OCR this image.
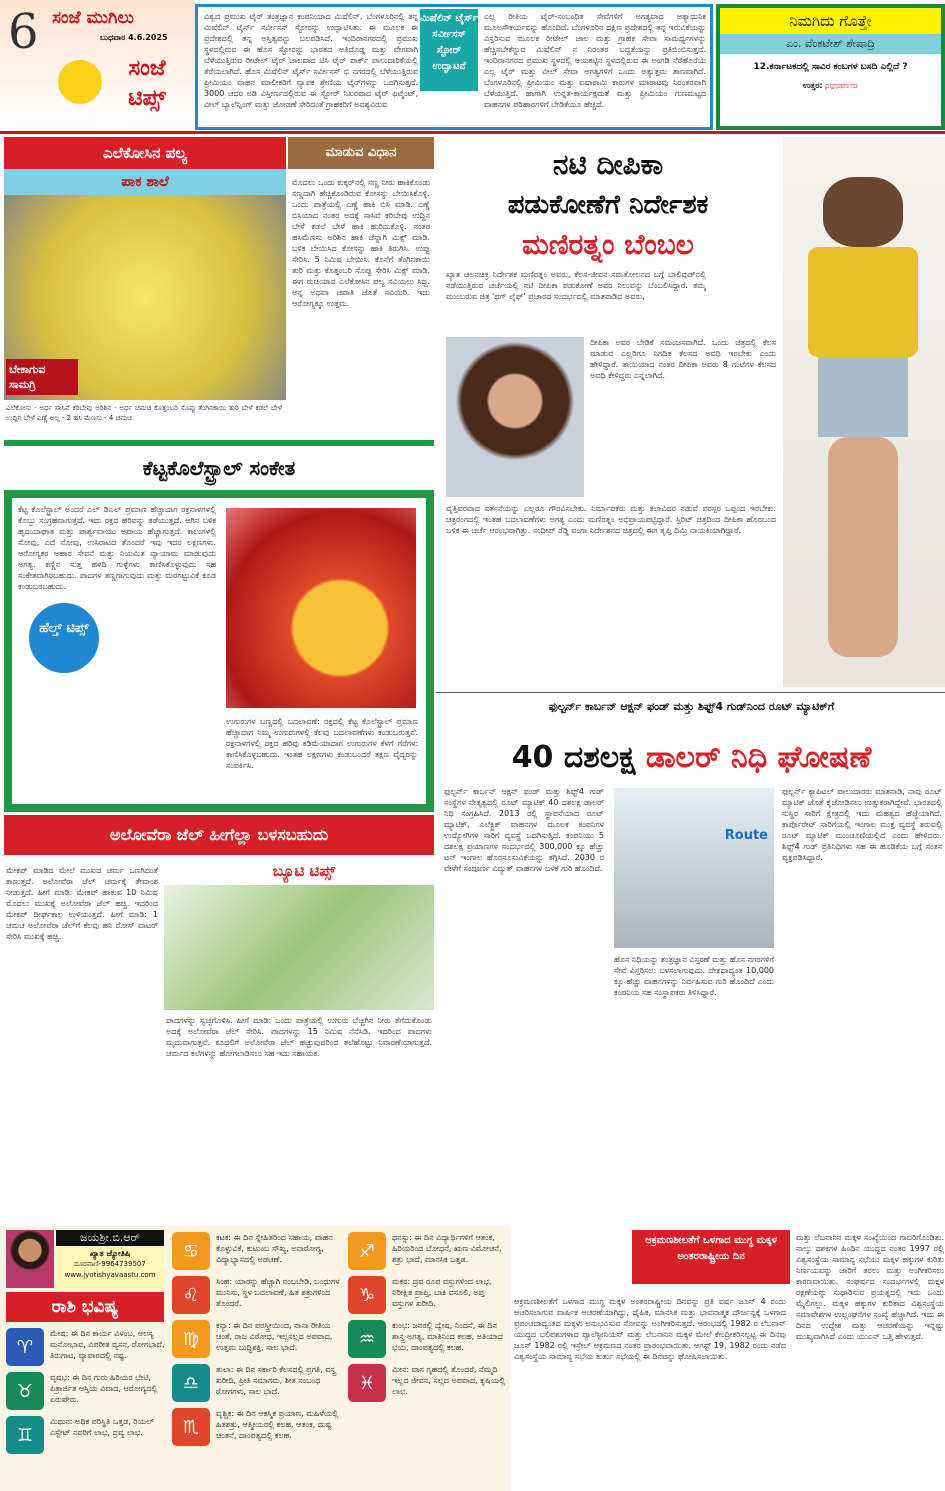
6 ಸಂಜೆ ಮುಗಿಲು
ಬುಧವಾರ 4.6.2025
ಸಂಜೆ ಟಿಪ್ಸ್
ವಿಶ್ವದ ಪ್ರಮುಖ ಟೈರ್ ತಂತ್ರಜ್ಞಾನ ಕಂಪನಿಯಾದ ಮಿಷೆಲಿನ್, ಬೆಂಗಳೂರಿನಲ್ಲಿ ತನ್ನ ಮಿಷೆಲಿನ್ ಟೈರ್ಸ್ ಸರ್ವೀಸಸ್ ಸ್ಟೋರನ್ನು ಉದ್ಘಾಟಿಸಿತು. ಈ ಮೂಲಕ ಈ ಪ್ರದೇಶದಲ್ಲಿ ತನ್ನ ಅಸ್ತಿತ್ವವನ್ನು ಬಲಪಡಿಸಿದೆ. ಇಂದಿರಾನಗರದಲ್ಲಿ ಪ್ರಮುಖ ಸ್ಥಳದಲ್ಲಿರುವ ಈ ಹೊಸ ಸ್ಟೋರನ್ನು ಭಾರತದ ಅತಿದೊಡ್ಡ ಮತ್ತು ವೇಗವಾಗಿ ಬೆಳೆಯುತ್ತಿರುವ ರೀಟೇಲ್ ಟೈರ್ ಜಾಲವಾದ ಟಿಸಿ ಟೈರ್ ಪಾರ್ಕ್ ಪಾಲುದಾರಿಕೆಯಲ್ಲಿ ತೆರೆಯಲಾಗಿದೆ. ಹೊಸ ಮಿಷೆಲಿನ್ ಟೈರ್ಸ್ ಸರ್ವೀಸಸ್ ಭಿ ನಗರದಲ್ಲಿ ಬೆಳೆಯುತ್ತಿರುವ ಪ್ರೀಮಿಯಂ ವಾಹನ ಮಾಲೀಕರಿಗೆ ವ್ಯಾಪಕ ಶ್ರೇಣಿಯ ಟೈರ್‌ಗಳನ್ನು ಒದಗಿಸುತ್ತದೆ. 3000 ಚದರ ಅಡಿ ವಿಸ್ತೀರ್ಣದಲ್ಲಿರುವ ಈ ಸ್ಟೋರ್ ನಿಖರವಾದ ಟೈರ್ ಫಿಟ್ಮೆಂಟ್, ವೀಲ್ ಬ್ಯಾಲೆನ್ಸಿಂಗ್ ಮತ್ತು ಜೋಡಣೆ ಸೇರಿದಂತೆ ಗ್ರಾಹಕರಿಗೆ ಅವಶ್ಯವಿರುವ
ಮಿಷೆಲಿನ್ ಟೈರ್ಸ್ ಸರ್ವೀಸಸ್ ಸ್ಟೋರ್ ಉದ್ಘಾಟನೆ
ಎಲ್ಲ ರೀತಿಯ ಟೈರ್-ಸಂಬಂಧಿತ ಸೇವೆಗಳಿಗೆ ಅಗತ್ಯವಾದ ಅತ್ಯಾಧುನಿಕ ಮೂಲಸೌಕರ್ಯವನ್ನು ಹೊಂದಿದೆ. ಬೆಂಗಳೂರಿನ ದಕ್ಷಿಣ ಪ್ರದೇಶದಲ್ಲಿ ತನ್ನ ಇರುವಿಕೆಯನ್ನು ವಿಸ್ತರಿಸುವ ಮೂಲಕ ರೀಟೇಲ್ ಜಾಲ ಮತ್ತು ಗ್ರಾಹಕ ಸೇವಾ ಸಾಮರ್ಥ್ಯಗಳನ್ನು ಹೆಚ್ಚಿಸಬೇಕೆನ್ನುವ ಮಿಷೆಲಿನ್ ನ ನಿರಂತರ ಬದ್ಧತೆಯನ್ನು ಪ್ರತಿಬಿಂಬಿಸುತ್ತದೆ. ಇಂದಿರಾನಗರದ ಪ್ರಮುಖ ಸ್ಥಳದಲ್ಲಿ ಆಯಕಟ್ಟಿನ ಸ್ಥಳದಲ್ಲಿರುವ ಈ ಅಂಗಡಿ ನೆರೆಹೊರೆಯ ಎಲ್ಲ ಟೈರ್ ಮತ್ತು ವೀಲ್ ಸೇವಾ ಅಗತ್ಯಗಳಿಗೆ ಒಂದು ಅತ್ಯುತ್ತಮ ತಾಣವಾಗಿದೆ. ಬೆಂಗಳೂರಿನಲ್ಲಿ ಪ್ರೀಮಿಯಂ ಮತ್ತು ಐಷಾರಾಮಿ ಕಾರುಗಳ ಮಾರಾಟವು ನಿರಂತರವಾಗಿ ಬೆಳೆಯುತ್ತಿದೆ. ಹಾಗಾಗಿ ಉನ್ನತ-ಕಾರ್ಯಕ್ಷಮತೆ ಮತ್ತು ಪ್ರೀಮಿಯಂ ಗುಣಮಟ್ಟದ ವಾಹನಗಳ ಪರಿಹಾರಗಳಿಗೆ ಬೇಡಿಕೆಯೂ ಹೆಚ್ಚಿದೆ.
ನಿಮಗಿದು ಗೊತ್ತೇ
ಎಂ. ವೆಂಕಟೇಶ್ ಶೇಷಾದ್ರಿ
12.ಕರ್ನಾಟಕದಲ್ಲಿ ಸಾವಿರ ಕಂಬಗಳ ಬಸದಿ ಎಲ್ಲಿದೆ ?
ಉತ್ತರ: ಮೂಡಬಿದಿರೆ
ಎಲೆಕೋಸಿನ ಪಲ್ಯ	ಮಾಡುವ ವಿಧಾನ
ಪಾಕ ಶಾಲೆ
ಬೇಕಾಗುವ ಸಾಮಗ್ರಿ
ಎಲೆಕೋಸು - ಅರ್ಧ ಸಾಸಿವೆ ಕರಿಬೇವು ಅರಿಶಿನ - ಅರ್ಧ ಚಮಚ ಕೊತ್ತಂಬರಿ ಸೊಪ್ಪು ತೆಂಗಿನಕಾಯಿ ತುರಿ ಬೇಳೆ ಕಡಲೆ ಬೇಳೆ ಉದ್ದಿನ ಬೇಳೆ ಎಣ್ಣೆ ಅಲ್ಪ - 2 ಹಸಿ ಮೆಣಸು - 4 ಚಮಚ
ಮೊದಲು ಒಂದು ಕುಕ್ಕರ್‌ನಲ್ಲಿ ಸಣ್ಣ ನೀರು ಹಾಕಿಕೊಂಡು ಸಣ್ಣದಾಗಿ ಹೆಚ್ಚಿಕೊಂಡಿರುವ ಕೋಸನ್ನು ಬೇಯಿಸಿಕೊಳ್ಳಿ. ಒಂದು ಪಾತ್ರೆಯಲ್ಲಿ ಎಣ್ಣೆ ಹಾಕಿ ಬಿಸಿ ಮಾಡಿ. ಎಣ್ಣೆ ಬಿಸಿಯಾದ ನಂತರ ಅದಕ್ಕೆ ಸಾಸಿವೆ ಕರಿಬೇವು ಉದ್ದಿನ ಬೇಳೆ ಕಡಲೆ ಬೇಳೆ ಹಾಕಿ ಹುರಿದುಕೊಳ್ಳಿ. ನಂತರ ಹಸಿಮೆಣಸು ಅರಿಶಿನ ಹಾಕಿ ಚೆನ್ನಾಗಿ ಮಿಕ್ಸ್ ಮಾಡಿ. ಬಳಿಕ ಬೇಯಿಸಿದ ಕೋಸನ್ನು ಹಾಕಿ ತಿರುಗಿಸಿ. ಉಪ್ಪು ಸೇರಿಸಿ. 5 ನಿಮಿಷ ಬೇಯಿಸಿ. ಕೊನೆಗೆ ತೆಂಗಿನಕಾಯಿ ತುರಿ ಮತ್ತು ಕೊತ್ತಂಬರಿ ಸೊಪ್ಪು ಸೇರಿಸಿ ಮಿಕ್ಸ್ ಮಾಡಿ. ಈಗ ರುಚಿಯಾದ ಎಲೆಕೋಸಿನ ಪಲ್ಯ ಸವಿಯಲು ಸಿದ್ಧ. ಅನ್ನ ಅಥವಾ ಚಪಾತಿ ಜೊತೆ ಸವಿಯಿರಿ. ಇದು ಆರೋಗ್ಯಕ್ಕೂ ಉತ್ತಮ.
ಕೆಟ್ಟಕೊಲೆಸ್ಟ್ರಾಲ್ ಸಂಕೇತ
ಹೆಲ್ತ್ ಟಿಪ್ಸ್
ಕೆಟ್ಟ ಕೊಲೆಸ್ಟ್ರಾಲ್ ಅಂದರೆ ಎಲ್ ಡಿಎಲ್ ಪ್ರಮಾಣ ಹೆಚ್ಚಾದಾಗ ರಕ್ತನಾಳಗಳಲ್ಲಿ ಕೊಬ್ಬು ಸಂಗ್ರಹವಾಗುತ್ತದೆ. ಇದು ರಕ್ತದ ಹರಿವನ್ನು ತಡೆಯುತ್ತದೆ. ಆಗಿನ ಬಳಿಕ ಹೃದಯಾಘಾತ ಮತ್ತು ಪಾರ್ಶ್ವವಾಯು ಅಪಾಯ ಹೆಚ್ಚಾಗುತ್ತದೆ. ಕಾಲುಗಳಲ್ಲಿ ನೋವು, ಎದೆ ನೋವು, ಉಸಿರಾಟದ ತೊಂದರೆ ಇವು ಇದರ ಲಕ್ಷಣಗಳು. ಆರೋಗ್ಯಕರ ಆಹಾರ ಸೇವನೆ ಮತ್ತು ನಿಯಮಿತ ವ್ಯಾಯಾಮ ಮಾಡುವುದು ಅಗತ್ಯ. ಕಣ್ಣಿನ ಸುತ್ತ ಹಳದಿ ಗುಳ್ಳೆಗಳು ಕಾಣಿಸಿಕೊಳ್ಳುವುದು ಸಹ ಸಂಕೇತವಾಗಿರಬಹುದು. ಪಾದಗಳ ತಣ್ಣಗಾಗುವುದು ಮತ್ತು ಮರಗಟ್ಟುವಿಕೆ ಕೂಡ ಕಂಡುಬರಬಹುದು.
ಉಗುರುಗಳ ಬಣ್ಣದಲ್ಲಿ ಬದಲಾವಣೆ: ರಕ್ತದಲ್ಲಿ ಕೆಟ್ಟ ಕೊಲೆಸ್ಟ್ರಾಲ್ ಪ್ರಮಾಣ ಹೆಚ್ಚಾದಾಗ ನಿಮ್ಮ ಉಗುರುಗಳಲ್ಲಿ ಕೆಲವು ಬದಲಾವಣೆಗಳು ಕಂಡುಬರುತ್ತವೆ. ರಕ್ತನಾಳಗಳಲ್ಲಿ ರಕ್ತದ ಹರಿವು ಕಡಿಮೆಯಾದಾಗ ಉಗುರುಗಳ ಕೆಳಗೆ ಗೆರೆಗಳು ಕಾಣಿಸಿಕೊಳ್ಳಬಹುದು. ಇಂತಹ ಲಕ್ಷಣಗಳು ಕಂಡುಬಂದರೆ ತಕ್ಷಣ ವೈದ್ಯರನ್ನು ಸಂಪರ್ಕಿಸಿ.
ಅಲೋವೆರಾ ಜೆಲ್ ಹೀಗೆಲ್ಲಾ ಬಳಸಬಹುದು
ಬ್ಯೂಟಿ ಟಿಪ್ಸ್
ಮೇಕಪ್ ಮಾಡಿದ ಮೇಲೆ ಮುಖದ ಚರ್ಮ ಒಣಗಿದಂತೆ ಕಾಣುತ್ತದೆ. ಅಲೋವೆರಾ ಜೆಲ್ ಚರ್ಮಕ್ಕೆ ತೇವಾಂಶ ನೀಡುತ್ತದೆ. ಹೀಗೆ ಮಾಡಿ: ಮೇಕಪ್ ಹಾಕುವ 10 ನಿಮಿಷ ಮೊದಲು ಮುಖಕ್ಕೆ ಅಲೋವೆರಾ ಜೆಲ್ ಹಚ್ಚಿ. ಇದರಿಂದ ಮೇಕಪ್ ದೀರ್ಘಕಾಲ ಉಳಿಯುತ್ತದೆ. ಹೀಗೆ ಮಾಡಿ: 1 ಚಮಚ ಅಲೋವೆರಾ ಜೆಲ್‌ಗೆ ಕೆಲವು ಹನಿ ರೋಸ್ ವಾಟರ್ ಸೇರಿಸಿ ಮುಖಕ್ಕೆ ಹಚ್ಚಿ.
ಪಾದಗಳನ್ನು ಸ್ವಚ್ಛಗೊಳಿಸಿ. ಹೀಗೆ ಮಾಡಿ: ಒಂದು ಪಾತ್ರೆಯಲ್ಲಿ ಉಗುರು ಬೆಚ್ಚಗಿನ ನೀರು ತೆಗೆದುಕೊಂಡು ಅದಕ್ಕೆ ಅಲೋವೆರಾ ಜೆಲ್ ಸೇರಿಸಿ. ಪಾದಗಳನ್ನು 15 ನಿಮಿಷ ನೆನೆಸಿಡಿ. ಇದರಿಂದ ಪಾದಗಳು ಮೃದುವಾಗುತ್ತವೆ. ಕೂದಲಿಗೆ ಅಲೋವೆರಾ ಜೆಲ್ ಹಚ್ಚುವುದರಿಂದ ತಲೆಹೊಟ್ಟು ನಿವಾರಣೆಯಾಗುತ್ತದೆ. ಚರ್ಮದ ಕಲೆಗಳನ್ನು ಹೋಗಲಾಡಿಸಲು ಸಹ ಇದು ಸಹಾಯಕ.
ನಟಿ ದೀಪಿಕಾ
ಪಡುಕೋಣೆಗೆ ನಿರ್ದೇಶಕ
ಮಣಿರತ್ನಂ ಬೆಂಬಲ
ಖ್ಯಾತ ಚಲನಚಿತ್ರ ನಿರ್ದೇಶಕ ಮಣಿರತ್ನಂ ಅವರು, ಕೆಲಸ-ಜೀವನ ಸಮತೋಲನದ ಬಗ್ಗೆ ಬಾಲಿವುಡ್‌ನಲ್ಲಿ ನಡೆಯುತ್ತಿರುವ ಚರ್ಚೆಯಲ್ಲಿ ನಟಿ ದೀಪಿಕಾ ಪಡುಕೋಣೆ ಅವರ ನಿಲುವನ್ನು ಬೆಂಬಲಿಸಿದ್ದಾರೆ. ತಮ್ಮ ಮುಂಬರುವ ಚಿತ್ರ 'ಥಗ್ ಲೈಫ್' ಪ್ರಚಾರದ ಸಂದರ್ಭದಲ್ಲಿ ಮಾತನಾಡಿದ ಅವರು,
ದೀಪಿಕಾ ಅವರ ಬೇಡಿಕೆ ಸಮಂಜಸವಾಗಿದೆ. ಒಂದು ಚಿತ್ರದಲ್ಲಿ ಕೆಲಸ ಮಾಡುವ ಎಲ್ಲರಿಗೂ ನಿಗದಿತ ಕೆಲಸದ ಅವಧಿ ಇರಬೇಕು ಎಂದು ಹೇಳಿದ್ದಾರೆ. ತಾಯಿಯಾದ ನಂತರ ದೀಪಿಕಾ ಅವರು 8 ಗಂಟೆಗಳ ಕೆಲಸದ ಅವಧಿ ಕೇಳಿದ್ದರು ಎನ್ನಲಾಗಿದೆ.
ವೃತ್ತಿಪರವಾದ ವರ್ತನೆಯನ್ನು ಎಲ್ಲರೂ ಗೌರವಿಸಬೇಕು. ನಿರ್ಮಾಪಕರು ಮತ್ತು ಕಲಾವಿದರ ನಡುವೆ ಪರಸ್ಪರ ಒಪ್ಪಂದ ಇರಬೇಕು. ಚಿತ್ರರಂಗದಲ್ಲಿ ಇಂತಹ ಬದಲಾವಣೆಗಳು ಅಗತ್ಯ ಎಂದು ಮಣಿರತ್ನಂ ಅಭಿಪ್ರಾಯಪಟ್ಟಿದ್ದಾರೆ. ಸ್ಪಿರಿಟ್ ಚಿತ್ರದಿಂದ ದೀಪಿಕಾ ಹೊರಬಂದ ಬಳಿಕ ಈ ಚರ್ಚೆ ಆರಂಭವಾಗಿತ್ತು. ಸಂದೀಪ್ ರೆಡ್ಡಿ ವಂಗಾ ನಿರ್ದೇಶನದ ಚಿತ್ರದಲ್ಲಿ ಈಗ ತೃಪ್ತಿ ದಿಮ್ರಿ ನಾಯಕಿಯಾಗಿದ್ದಾರೆ.
ಫುಲ್ಟರ್ನ್ ಕಾರ್ಬನ್ ಆಕ್ಷನ್ ಫಂಡ್ ಮತ್ತು ಶಿಫ್ಟ್4 ಗುಡ್‌ನಿಂದ ರೂಟ್ ಮ್ಯಾಟಿಕ್‌ಗೆ
40 ದಶಲಕ್ಷ ಡಾಲರ್ ನಿಧಿ ಘೋಷಣೆ
ಫುಲ್ಟರ್ನ್ ಕಾರ್ಬನ್ ಆಕ್ಷನ್ ಫಂಡ್ ಮತ್ತು ಶಿಫ್ಟ್4 ಗುಡ್ ಸಂಸ್ಥೆಗಳ ನೇತೃತ್ವದಲ್ಲಿ ರೂಟ್ ಮ್ಯಾಟಿಕ್ 40 ದಶಲಕ್ಷ ಡಾಲರ್ ನಿಧಿ ಸಂಗ್ರಹಿಸಿದೆ. 2013 ರಲ್ಲಿ ಸ್ಥಾಪನೆಯಾದ ರೂಟ್ ಮ್ಯಾಟಿಕ್, ಎಲೆಕ್ಟ್ರಿಕ್ ವಾಹನಗಳ ಮೂಲಕ ಕಂಪನಿಗಳ ಉದ್ಯೋಗಿಗಳ ಸಾರಿಗೆ ವ್ಯವಸ್ಥೆ ಒದಗಿಸುತ್ತಿದೆ. ಕಂಪನಿಯು 5 ದಶಲಕ್ಷ ಪ್ರಯಾಣಗಳ ಸಂದರ್ಭದಲ್ಲಿ 300,000 ಕ್ಕೂ ಹೆಚ್ಚು ಟನ್ ಇಂಗಾಲ ಹೊರಸೂಸುವಿಕೆಯನ್ನು ತಗ್ಗಿಸಿದೆ. 2030 ರ ವೇಳೆಗೆ ಸಂಪೂರ್ಣ ವಿದ್ಯುತ್ ವಾಹನಗಳ ಬಳಕೆ ಗುರಿ ಹೊಂದಿದೆ.
Route
ಹೊಸ ನಿಧಿಯನ್ನು ತಂತ್ರಜ್ಞಾನ ವಿಸ್ತರಣೆ ಮತ್ತು ಹೊಸ ನಗರಗಳಿಗೆ ಸೇವೆ ವಿಸ್ತರಿಸಲು ಬಳಸಲಾಗುವುದು. ದೇಶದಾದ್ಯಂತ 10,000 ಕ್ಕೂ ಹೆಚ್ಚು ವಾಹನಗಳನ್ನು ನಿರ್ವಹಿಸುವ ಗುರಿ ಹೊಂದಿದೆ ಎಂದು ಕಂಪನಿಯ ಸಹ ಸಂಸ್ಥಾಪಕರು ತಿಳಿಸಿದ್ದಾರೆ.
ಫುಲ್ಟರ್ನ್ ಕ್ಯಾಪಿಟಲ್ ಪಾಲುದಾರರು ಮಾತನಾಡಿ, ನಾವು ರೂಟ್ ಮ್ಯಾಟಿಕ್ ಜೊತೆ ಕೈಜೋಡಿಸಲು ಉತ್ಸುಕರಾಗಿದ್ದೇವೆ. ಭಾರತದಲ್ಲಿ ಸುಸ್ಥಿರ ಸಾರಿಗೆ ಕ್ಷೇತ್ರದಲ್ಲಿ ಇದು ಮಹತ್ವದ ಹೆಜ್ಜೆಯಾಗಿದೆ. ಕಾರ್ಪೊರೇಟ್ ಸಾರಿಗೆಯಲ್ಲಿ ಇಂಗಾಲ ಮುಕ್ತ ವ್ಯವಸ್ಥೆ ತರುವಲ್ಲಿ ರೂಟ್ ಮ್ಯಾಟಿಕ್ ಮುಂಚೂಣಿಯಲ್ಲಿದೆ ಎಂದು ಹೇಳಿದರು. ಶಿಫ್ಟ್4 ಗುಡ್ ಪ್ರತಿನಿಧಿಗಳು ಸಹ ಈ ಹೂಡಿಕೆಯ ಬಗ್ಗೆ ಸಂತಸ ವ್ಯಕ್ತಪಡಿಸಿದ್ದಾರೆ.
ಜಯಶ್ರೀ.ಬಿ.ಆರ್
ಖ್ಯಾತ ಜ್ಯೋತಿಷಿ
ದೂರವಾಣಿ-9964739507
www.jyotishyavaastu.com
ರಾಶಿ ಭವಿಷ್ಯ
♈
ಮೇಷ: ಈ ದಿನ ಕಾರ್ಯ ವಿಳಂಬ, ಆಲಸ್ಯ ಮನೋಭಾವ, ವಿಪರೀತ ವ್ಯಸನ, ರೋಗಭಾದೆ, ತಿರುಗಾಟ, ವ್ಯಾಪಾರದಲ್ಲಿ ನಷ್ಟ.
♉
ವೃಷಭ: ಈ ದಿನ ಗುರು ಹಿರಿಯರ ಭೇಟಿ, ಪಿತ್ರಾರ್ಜಿತ ಆಸ್ತಿಯ ವಿವಾದ, ಆರೋಗ್ಯದಲ್ಲಿ ಏರುಪೇರು.
♊
ಮಿಥುನ: ಅಧಿಕ ಪರಿಸ್ಥಿತಿ ಒತ್ತಡ, ರಿಯಲ್ ಎಸ್ಟೇಟ್ ನವರಿಗೆ ಲಾಭ, ದ್ರವ್ಯ ಲಾಭ.
♋
ಕಟಕ: ಈ ದಿನ ಸ್ನೇಹಿತರಿಂದ ಸಹಾಯ, ವಾಹನ ಕೊಳ್ಳುವಿಕೆ, ಕುಟುಂಬ ಸೌಖ್ಯ, ಅನಾರೋಗ್ಯ, ವಿದ್ಯಾಭ್ಯಾಸದಲ್ಲಿ ಅಡಚಣೆ.
♌
ಸಿಂಹ: ಯಾರನ್ನು ಹೆಚ್ಚಾಗಿ ನಂಬಬೇಡಿ, ಬಂಧುಗಳ ಮುನಿಸು, ಸ್ಥಳ ಬದಲಾವಣೆ, ಹಿತ ಶತ್ರುಗಳಿಂದ ತೊಂದರೆ.
♍
ಕನ್ಯಾ: ಈ ದಿನ ಪರಸ್ತ್ರೀಯಿಂದ, ನಾನಾ ರೀತಿಯ ಚಿಂತೆ, ರಾಜ ವಿರೋಧ, ಇಲ್ಲಸಲ್ಲದ ಅಪವಾದ, ಉತ್ತಮ ಬುದ್ಧಿಶಕ್ತಿ, ಸಾಲ ಭಾದೆ.
♎
ತುಲಾ: ಈ ದಿನ ಸರ್ಕಾರಿ ಕೆಲಸದಲ್ಲಿ ಪ್ರಗತಿ, ವಸ್ತ್ರ ಖರೀದಿ, ಪ್ರೀತಿ ಸಮಾಗಮ, ಶೀತ ಸಂಬಂಧ ರೋಗಗಳು, ಸಾಲ ಭಾದೆ.
♏
ವೃಶ್ಚಿಕ: ಈ ದಿನ ಆಕಸ್ಮಿಕ ಪ್ರಯಾಣ, ಮಹಿಳೆಯಲ್ಲಿ ಹಿತಶತ್ರು, ಆತ್ಮೀಯರಲ್ಲಿ ಕಲಹ, ಆತಂಕ, ದುಷ್ಟ ಚಿಂತನೆ, ದಾಂಪತ್ಯದಲ್ಲಿ ಕಲಹ.
♐
ಧನಸ್ಸು: ಈ ದಿನ ವಿದ್ಯಾರ್ಥಿಗಳಿಗೆ ಆತಂಕ, ಹಿರಿಯರಿಂದ ಬೋಧನೆ, ಋಣ ವಿಮೋಚನೆ, ಶತ್ರು ಭಾದೆ, ಮಾನಸಿಕ ಒತ್ತಡ.
♑
ಮಕರ: ದ್ರವ ರೂಪ ವಸ್ತುಗಳಿಂದ ಲಾಭ, ನಿರೀಕ್ಷಿತ ಪ್ರಾಪ್ತಿ, ಬಾಕಿ ವಸೂಲಿ, ಅಪ್ತ ವಸ್ತುಗಳ ಖರೀದಿ.
♒
ಕುಂಭ: ಜನರಲ್ಲಿ ದ್ವೇಷ, ನಿಂದನೆ, ಈ ದಿನ ಶಾಸ್ತ್ರ ಅಗತ್ಯ, ಮಾತಿನಿಂದ ಕಲಹ, ಅತಿಯಾದ ಭಯ, ದಾಂಪತ್ಯದಲ್ಲಿ ಕಲಹ.
♓
ಮೀನ: ವಾಸ ಗೃಹದಲ್ಲಿ ತೊಂದರೆ, ನೆಮ್ಮದಿ ಇಲ್ಲದ ಜೀವನ, ಸಲ್ಲದ ಅಪವಾದ, ಕೃಷಿಯಲ್ಲಿ ಲಾಭ.
ಆಕ್ರಮಣಶೀಲತೆಗೆ ಒಳಗಾದ ಮುಗ್ಧ ಮಕ್ಕಳ ಅಂತರರಾಷ್ಟ್ರೀಯ ದಿನ
ಆಕ್ರಮಣಶೀಲತೆಗೆ ಒಳಗಾದ ಮುಗ್ಧ ಮಕ್ಕಳ ಅಂತರರಾಷ್ಟ್ರೀಯ ದಿನವನ್ನು ಪ್ರತಿ ವರ್ಷ ಜೂನ್ 4 ರಂದು ಆಚರಿಸಲಾಗುವ ವಾರ್ಷಿಕ ಆಚರಣೆಯಾಗಿದ್ದು, ದೈಹಿಕ, ಮಾನಸಿಕ ಮತ್ತು ಭಾವನಾತ್ಮಕ ದೌರ್ಜನ್ಯಕ್ಕೆ ಒಳಗಾದ ಪ್ರಪಂಚದಾದ್ಯಂತದ ಮಕ್ಕಳು ಅನುಭವಿಸುವ ನೋವನ್ನು ಅಂಗೀಕರಿಸುತ್ತದೆ. ಆರಂಭದಲ್ಲಿ 1982 ರ ಲೆಬನಾನ್ ಯುದ್ಧದ ಬಲಿಪಶುಗಳಾದ ಪ್ಯಾಲೆಸ್ಟೀನಿಯನ್ ಮತ್ತು ಲೆಬನಾನಿನ ಮಕ್ಕಳ ಮೇಲೆ ಕೇಂದ್ರೀಕರಿಸಲ್ಪಟ್ಟ ಈ ದಿನವು ಜೂನ್ 1982 ರಲ್ಲಿ ಇಸ್ರೇಲ್ ಆಕ್ರಮಣದ ನಂತರ ಪ್ರಾರಂಭವಾಯಿತು. ಆಗಸ್ಟ್ 19, 1982 ರಂದು ನಡೆದ ವಿಶ್ವಸಂಸ್ಥೆಯ ಸಾಮಾನ್ಯ ಸಭೆಯ ತುರ್ತು ಸಭೆಯಲ್ಲಿ ಈ ದಿನವನ್ನು ಘೋಷಿಸಲಾಯಿತು.
ಮತ್ತು ಲೆಬನಾನಿನ ಮಕ್ಕಳ ಸಂಖ್ಯೆಯಿಂದ ಗಾಬರಿಗೊಂಡಿತು. ನಾಲ್ಕು ದಶಕಗಳ ಹಿಂದಿನ ಯುದ್ಧದ ನಂತರ 1997 ರಲ್ಲಿ ವಿಶ್ವಸಂಸ್ಥೆಯ ಸಾಮಾನ್ಯ ಸಭೆಯು ಮಕ್ಕಳ ಹಕ್ಕುಗಳ ಕುರಿತು ನಿರ್ಣಯವನ್ನು ಜಾರಿಗೆ ತರಲು ಮತ್ತು ಅಂಗೀಕರಿಸಲು ಕಾರಣವಾಯಿತು. ಸಂಘರ್ಷದ ಸಂದರ್ಭಗಳಲ್ಲಿ ಮಕ್ಕಳ ರಕ್ಷಣೆಯನ್ನು ಸುಧಾರಿಸುವ ಪ್ರಯತ್ನದಲ್ಲಿ ಇದು ಒಂದು ಮೈಲಿಗಲ್ಲು. ಮಕ್ಕಳ ಹಕ್ಕುಗಳ ಕುರಿತಾದ ವಿಶ್ವಸಂಸ್ಥೆಯ ಸಮಾವೇಶಗಳ ಉಲ್ಲಂಘನೆಗಳ ಸಂಖ್ಯೆ ಹೆಚ್ಚಾಗಿದೆ. ಇದು ಈ ದಿನದ ಉದ್ದೇಶ ಮತ್ತು ಆಚರಣೆಯನ್ನು ಇನ್ನಷ್ಟು ಮುಖ್ಯವಾಗಿಸಿದೆ ಎಂದು ಯುಎನ್ ಒತ್ತಿ ಹೇಳುತ್ತದೆ.
